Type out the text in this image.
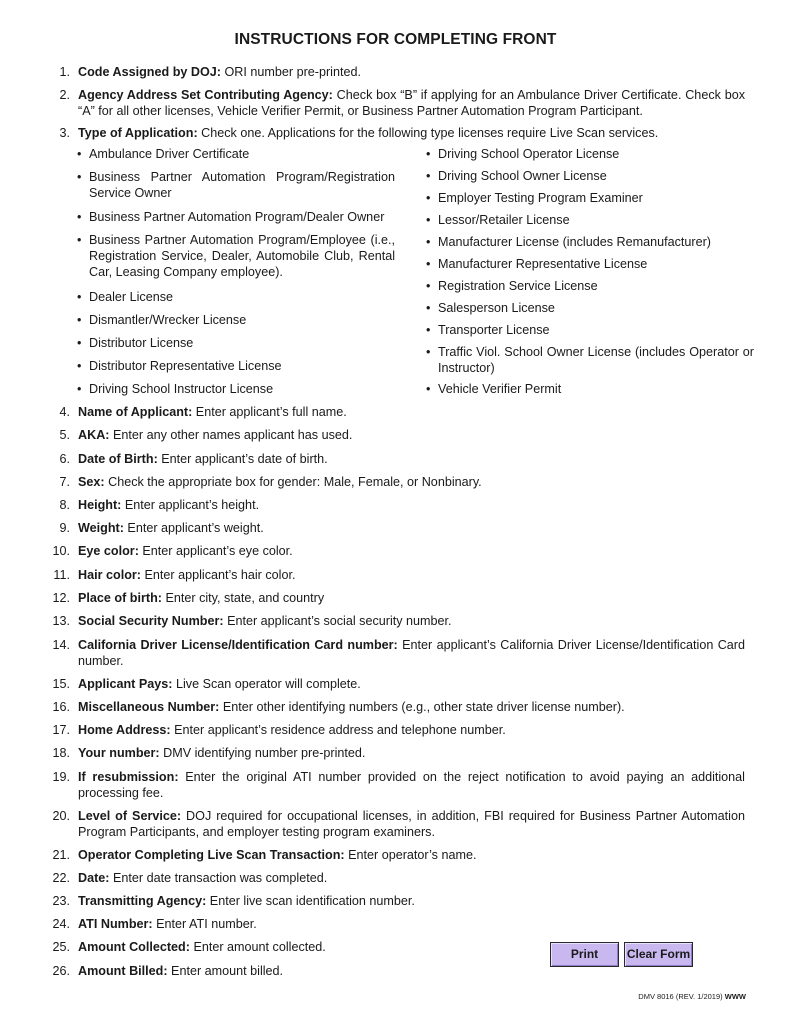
INSTRUCTIONS FOR COMPLETING FRONT
1. Code Assigned by DOJ: ORI number pre-printed.
2. Agency Address Set Contributing Agency: Check box “B” if applying for an Ambulance Driver Certificate. Check box “A” for all other licenses, Vehicle Verifier Permit, or Business Partner Automation Program Participant.
3. Type of Application: Check one. Applications for the following type licenses require Live Scan services.
4. Name of Applicant: Enter applicant’s full name.
5. AKA: Enter any other names applicant has used.
6. Date of Birth: Enter applicant’s date of birth.
7. Sex: Check the appropriate box for gender: Male, Female, or Nonbinary.
8. Height: Enter applicant’s height.
9. Weight: Enter applicant’s weight.
10. Eye color: Enter applicant’s eye color.
11. Hair color: Enter applicant’s hair color.
12. Place of birth: Enter city, state, and country
13. Social Security Number: Enter applicant’s social security number.
14. California Driver License/Identification Card number: Enter applicant’s California Driver License/Identification Card number.
15. Applicant Pays: Live Scan operator will complete.
16. Miscellaneous Number: Enter other identifying numbers (e.g., other state driver license number).
17. Home Address: Enter applicant’s residence address and telephone number.
18. Your number: DMV identifying number pre-printed.
19. If resubmission: Enter the original ATI number provided on the reject notification to avoid paying an additional processing fee.
20. Level of Service: DOJ required for occupational licenses, in addition, FBI required for Business Partner Automation Program Participants, and employer testing program examiners.
21. Operator Completing Live Scan Transaction: Enter operator’s name.
22. Date: Enter date transaction was completed.
23. Transmitting Agency: Enter live scan identification number.
24. ATI Number: Enter ATI number.
25. Amount Collected: Enter amount collected.
26. Amount Billed: Enter amount billed.
• Ambulance Driver Certificate
• Business Partner Automation Program/Registration Service Owner
• Business Partner Automation Program/Dealer Owner
• Business Partner Automation Program/Employee (i.e., Registration Service, Dealer, Automobile Club, Rental Car, Leasing Company employee).
• Dealer License
• Dismantler/Wrecker License
• Distributor License
• Distributor Representative License
• Driving School Instructor License
• Driving School Operator License
• Driving School Owner License
• Employer Testing Program Examiner
• Lessor/Retailer License
• Manufacturer License (includes Remanufacturer)
• Manufacturer Representative License
• Registration Service License
• Salesperson License
• Transporter License
• Traffic Viol. School Owner License (includes Operator or Instructor)
• Vehicle Verifier Permit
Print	Clear Form
DMV 8016 (REV. 1/2019) WWW
